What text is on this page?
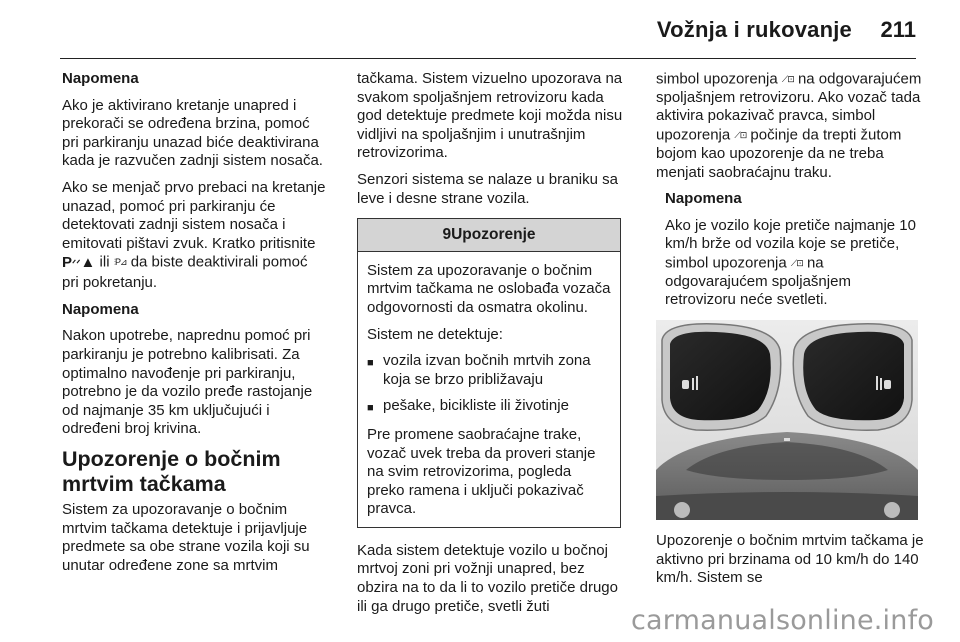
Vožnja i rukovanje 211

Napomena

Ako je aktivirano kretanje unapred i prekorači se određena brzina, pomoć pri parkiranju unazad biće deaktivirana kada je razvučen zadnji sistem nosača.

Ako se menjač prvo prebaci na kretanje unazad, pomoć pri parkiranju će detektovati zadnji sistem nosača i emitovati pištavi zvuk. Kratko pritisnite Pᐟᐟ▲ ili ⫶P⊿ da biste deaktivirali pomoć pri pokretanju.

Napomena

Nakon upotrebe, naprednu pomoć pri parkiranju je potrebno kalibrisati. Za optimalno navođenje pri parkiranju, potrebno je da vozilo pređe rastojanje od najmanje 35 km uključujući i određeni broj krivina.

Upozorenje o bočnim mrtvim tačkama

Sistem za upozoravanje o bočnim mrtvim tačkama detektuje i prijavljuje predmete sa obe strane vozila koji su unutar određene zone sa mrtvim

tačkama. Sistem vizuelno upozorava na svakom spoljašnjem retrovizoru kada god detektuje predmete koji možda nisu vidljivi na spoljašnjim i unutrašnjim retrovizorima.

Senzori sistema se nalaze u braniku sa leve i desne strane vozila.

9Upozorenje

Sistem za upozoravanje o bočnim mrtvim tačkama ne oslobađa vozača odgovornosti da osmatra okolinu.

Sistem ne detektuje:

■ vozila izvan bočnih mrtvih zona koja se brzo približavaju
■ pešake, bicikliste ili životinje

Pre promene saobraćajne trake, vozač uvek treba da proveri stanje na svim retrovizorima, pogleda preko ramena i uključi pokazivač pravca.

Kada sistem detektuje vozilo u bočnoj mrtvoj zoni pri vožnji unapred, bez obzira na to da li to vozilo pretiče drugo ili ga drugo pretiče, svetli žuti

simbol upozorenja ⟋⊡ na odgovarajućem spoljašnjem retrovizoru. Ako vozač tada aktivira pokazivač pravca, simbol upozorenja ⟋⊡ počinje da trepti žutom bojom kao upozorenje da ne treba menjati saobraćajnu traku.

Napomena

Ako je vozilo koje pretiče najmanje 10 km/h brže od vozila koje se pretiče, simbol upozorenja ⟋⊡ na odgovarajućem spoljašnjem retrovizoru neće svetleti.

Upozorenje o bočnim mrtvim tačkama je aktivno pri brzinama od 10 km/h do 140 km/h. Sistem se

carmanualsonline.info
